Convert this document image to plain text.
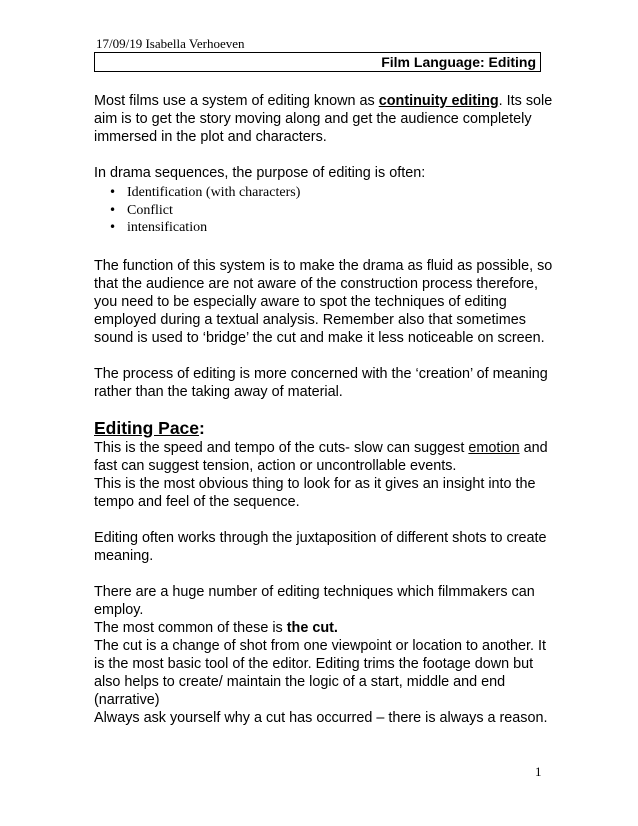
17/09/19 Isabella Verhoeven
Film Language: Editing

Most films use a system of editing known as continuity editing. Its sole aim is to get the story moving along and get the audience completely immersed in the plot and characters.

In drama sequences, the purpose of editing is often:

• Identification (with characters)
• Conflict
• intensification

The function of this system is to make the drama as fluid as possible, so that the audience are not aware of the construction process therefore, you need to be especially aware to spot the techniques of editing employed during a textual analysis. Remember also that sometimes sound is used to ‘bridge’ the cut and make it less noticeable on screen.

The process of editing is more concerned with the ‘creation’ of meaning rather than the taking away of material.

Editing Pace:

This is the speed and tempo of the cuts- slow can suggest emotion and fast can suggest tension, action or uncontrollable events.

This is the most obvious thing to look for as it gives an insight into the tempo and feel of the sequence.

Editing often works through the juxtaposition of different shots to create meaning.

There are a huge number of editing techniques which filmmakers can employ.

The most common of these is the cut.

The cut is a change of shot from one viewpoint or location to another. It is the most basic tool of the editor. Editing trims the footage down but also helps to create/ maintain the logic of a start, middle and end (narrative)

Always ask yourself why a cut has occurred – there is always a reason.

1
